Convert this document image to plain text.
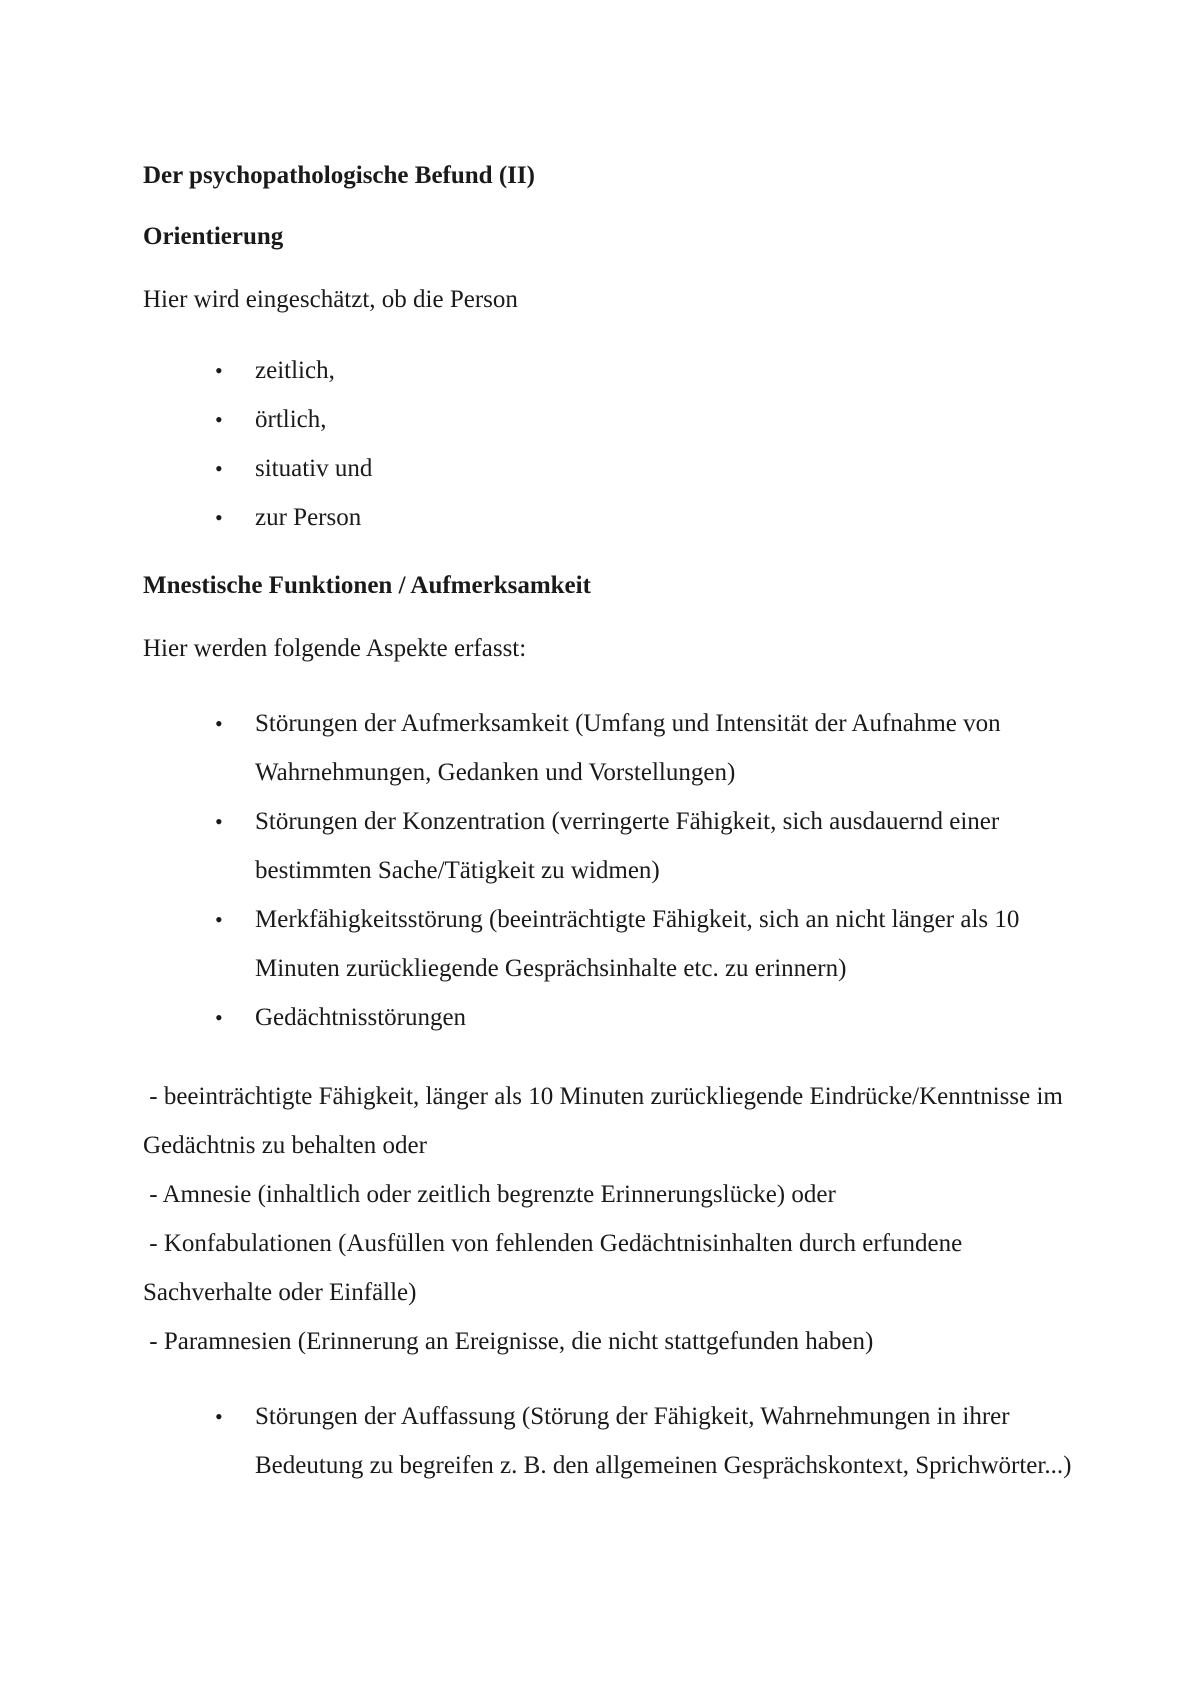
Der psychopathologische Befund (II)
Orientierung

Hier wird eingeschätzt, ob die Person

• zeitlich,
• örtlich,
• situativ und
• zur Person
Mnestische Funktionen / Aufmerksamkeit

Hier werden folgende Aspekte erfasst:

• Störungen der Aufmerksamkeit (Umfang und Intensität der Aufnahme von Wahrnehmungen, Gedanken und Vorstellungen)
• Störungen der Konzentration (verringerte Fähigkeit, sich ausdauernd einer bestimmten Sache/Tätigkeit zu widmen)
• Merkfähigkeitsstörung (beeinträchtigte Fähigkeit, sich an nicht länger als 10 Minuten zurückliegende Gesprächsinhalte etc. zu erinnern)
• Gedächtnisstörungen

- beeinträchtigte Fähigkeit, länger als 10 Minuten zurückliegende Eindrücke/Kenntnisse im Gedächtnis zu behalten oder

- Amnesie (inhaltlich oder zeitlich begrenzte Erinnerungslücke) oder

- Konfabulationen (Ausfüllen von fehlenden Gedächtnisinhalten durch erfundene Sachverhalte oder Einfälle)

- Paramnesien (Erinnerung an Ereignisse, die nicht stattgefunden haben)

• Störungen der Auffassung (Störung der Fähigkeit, Wahrnehmungen in ihrer Bedeutung zu begreifen z. B. den allgemeinen Gesprächskontext, Sprichwörter...)
